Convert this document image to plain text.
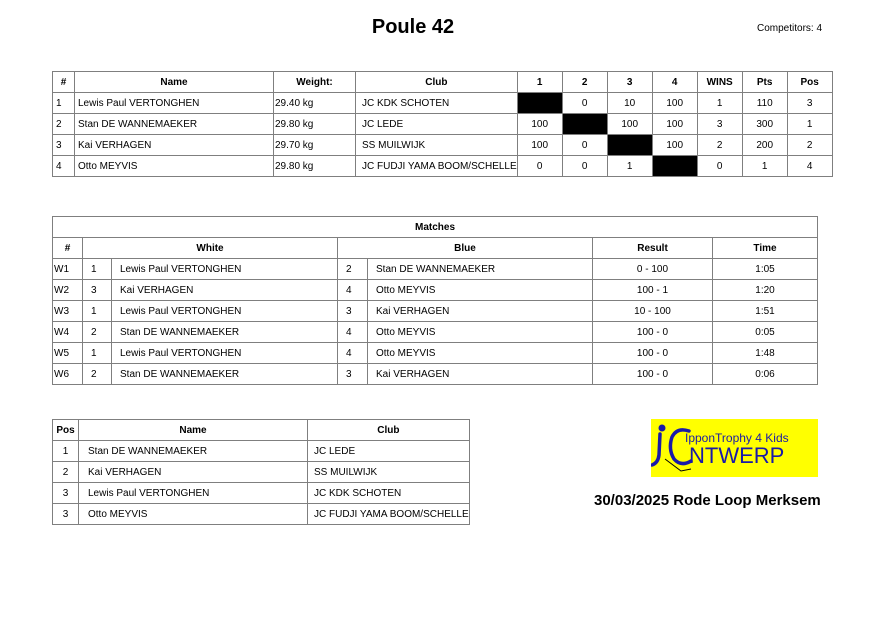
Poule 42	Competitors: 4
#	Name	Weight:	Club	1	2	3	4	WINS	Pts	Pos
1	Lewis Paul VERTONGHEN	29.40 kg	JC KDK SCHOTEN		0	10	100	1	110	3
2	Stan DE WANNEMAEKER	29.80 kg	JC LEDE	100		100	100	3	300	1
3	Kai VERHAGEN	29.70 kg	SS MUILWIJK	100	0		100	2	200	2
4	Otto MEYVIS	29.80 kg	JC FUDJI YAMA BOOM/SCHELLE	0	0	1		0	1	4
Matches						
#	White		Blue		Result	Time
W1	1	Lewis Paul VERTONGHEN	2	Stan DE WANNEMAEKER	0 - 100	1:05
W2	3	Kai VERHAGEN	4	Otto MEYVIS	100 - 1	1:20
W3	1	Lewis Paul VERTONGHEN	3	Kai VERHAGEN	10 - 100	1:51
W4	2	Stan DE WANNEMAEKER	4	Otto MEYVIS	100 - 0	0:05
W5	1	Lewis Paul VERTONGHEN	4	Otto MEYVIS	100 - 0	1:48
W6	2	Stan DE WANNEMAEKER	3	Kai VERHAGEN	100 - 0	0:06
Pos	Name	Club
1	Stan DE WANNEMAEKER	JC LEDE
2	Kai VERHAGEN	SS MUILWIJK
3	Lewis Paul VERTONGHEN	JC KDK SCHOTEN
3	Otto MEYVIS	JC FUDJI YAMA BOOM/SCHELLE
IpponTrophy 4 Kids
NTWERP
30/03/2025 Rode Loop Merksem
